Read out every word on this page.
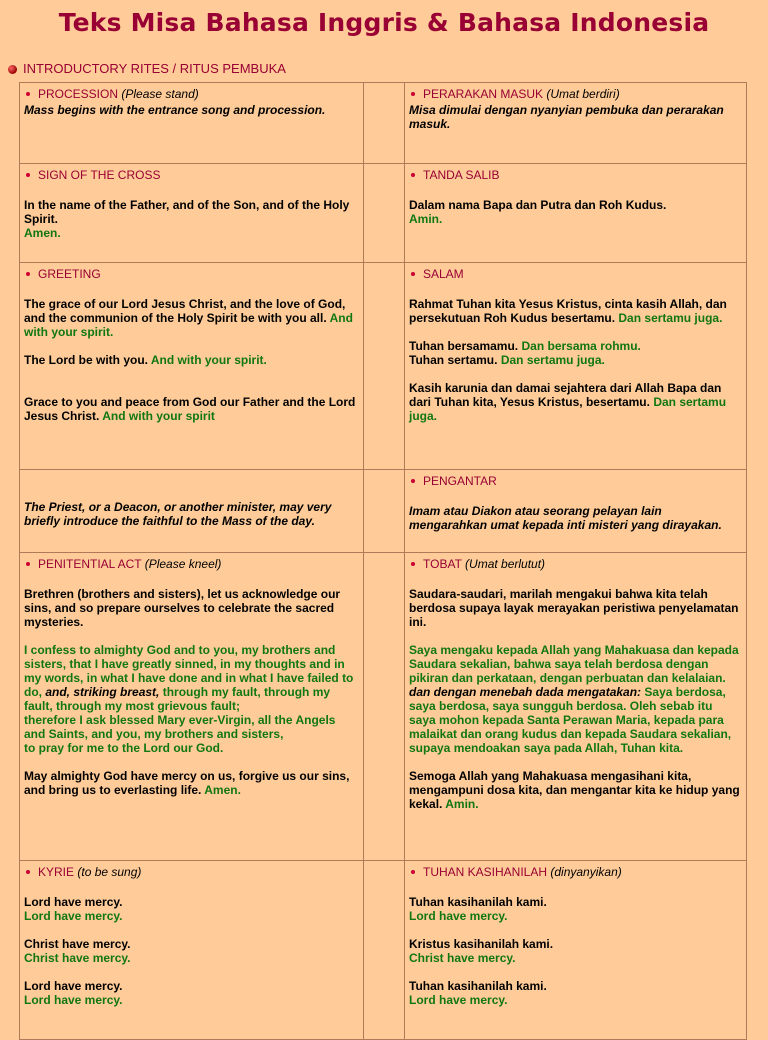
Teks Misa Bahasa Inggris & Bahasa Indonesia
INTRODUCTORY RITES / RITUS PEMBUKA
PROCESSION (Please stand)
Mass begins with the entrance song and procession.
PERARAKAN MASUK (Umat berdiri)
Misa dimulai dengan nyanyian pembuka dan perarakan masuk.
SIGN OF THE CROSS
In the name of the Father, and of the Son, and of the Holy Spirit.
Amen.
TANDA SALIB
Dalam nama Bapa dan Putra dan Roh Kudus.
Amin.
GREETING
The grace of our Lord Jesus Christ, and the love of God, and the communion of the Holy Spirit be with you all. And with your spirit.
The Lord be with you. And with your spirit.
Grace to you and peace from God our Father and the Lord Jesus Christ. And with your spirit
SALAM
Rahmat Tuhan kita Yesus Kristus, cinta kasih Allah, dan persekutuan Roh Kudus besertamu. Dan sertamu juga.
Tuhan bersamamu. Dan bersama rohmu.
Tuhan sertamu. Dan sertamu juga.
Kasih karunia dan damai sejahtera dari Allah Bapa dan dari Tuhan kita, Yesus Kristus, besertamu. Dan sertamu juga.
The Priest, or a Deacon, or another minister, may very briefly introduce the faithful to the Mass of the day.
PENGANTAR
Imam atau Diakon atau seorang pelayan lain mengarahkan umat kepada inti misteri yang dirayakan.
PENITENTIAL ACT (Please kneel)
Brethren (brothers and sisters), let us acknowledge our sins, and so prepare ourselves to celebrate the sacred mysteries.
I confess to almighty God and to you, my brothers and sisters, that I have greatly sinned, in my thoughts and in my words, in what I have done and in what I have failed to do, and, striking breast, through my fault, through my fault, through my most grievous fault;
therefore I ask blessed Mary ever-Virgin, all the Angels and Saints, and you, my brothers and sisters,
to pray for me to the Lord our God.
May almighty God have mercy on us, forgive us our sins, and bring us to everlasting life. Amen.
TOBAT (Umat berlutut)
Saudara-saudari, marilah mengakui bahwa kita telah berdosa supaya layak merayakan peristiwa penyelamatan ini.
Saya mengaku kepada Allah yang Mahakuasa dan kepada Saudara sekalian, bahwa saya telah berdosa dengan pikiran dan perkataan, dengan perbuatan dan kelalaian. dan dengan menebah dada mengatakan: Saya berdosa, saya berdosa, saya sungguh berdosa. Oleh sebab itu saya mohon kepada Santa Perawan Maria, kepada para malaikat dan orang kudus dan kepada Saudara sekalian, supaya mendoakan saya pada Allah, Tuhan kita.
Semoga Allah yang Mahakuasa mengasihani kita, mengampuni dosa kita, dan mengantar kita ke hidup yang kekal. Amin.
KYRIE (to be sung)
Lord have mercy.
Lord have mercy.
Christ have mercy.
Christ have mercy.
Lord have mercy.
Lord have mercy.
TUHAN KASIHANILAH (dinyanyikan)
Tuhan kasihanilah kami.
Lord have mercy.
Kristus kasihanilah kami.
Christ have mercy.
Tuhan kasihanilah kami.
Lord have mercy.
